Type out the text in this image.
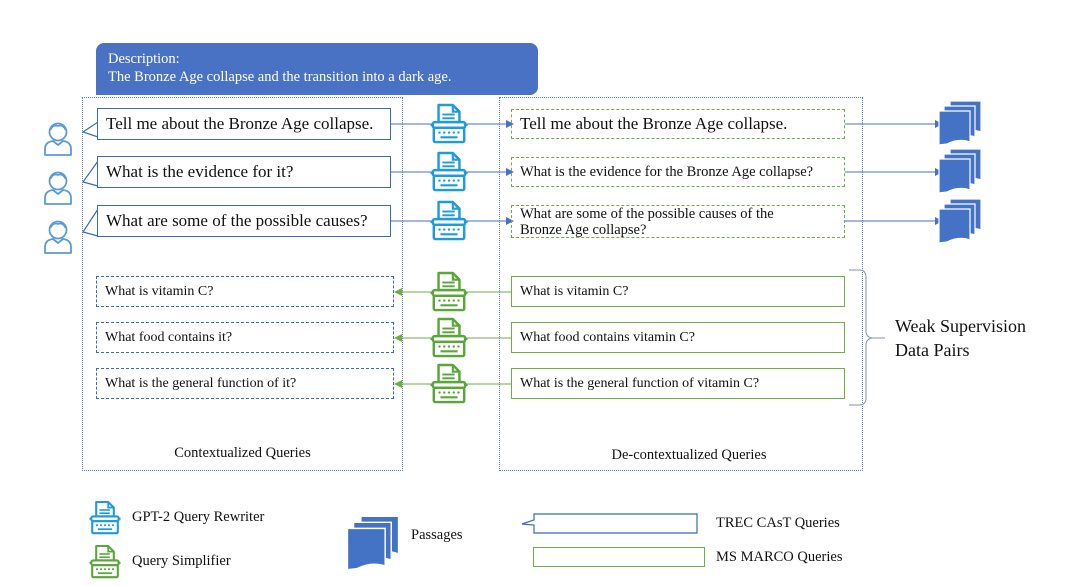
Description:
The Bronze Age collapse and the transition into a dark age.
Contextualized Queries	De-contextualized Queries
Tell me about the Bronze Age collapse.
What is the evidence for it?
What are some of the possible causes?
Tell me about the Bronze Age collapse.
What is the evidence for the Bronze Age collapse?
What are some of the possible causes of the
Bronze Age collapse?
What is vitamin C?
What food contains it?
What is the general function of it?
What is vitamin C?
What food contains vitamin C?
What is the general function of vitamin C?
Weak Supervision
Data Pairs
GPT-2 Query Rewriter
Query Simplifier
Passages
TREC CAsT Queries
MS MARCO Queries
